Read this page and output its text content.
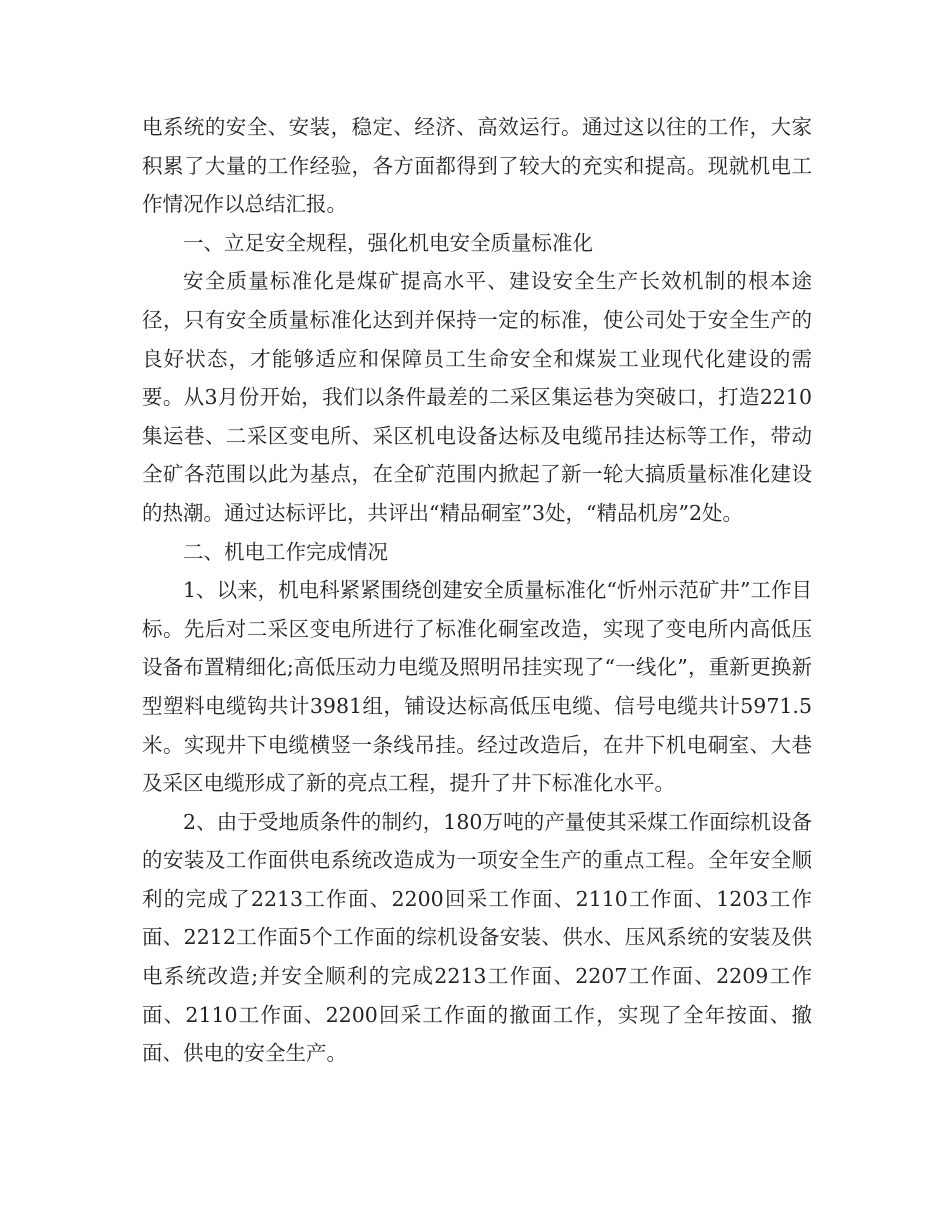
电系统的安全、安装，稳定、经济、高效运行。通过这以往的工作，大家积累了大量的工作经验，各方面都得到了较大的充实和提高。现就机电工作情况作以总结汇报。

一、立足安全规程，强化机电安全质量标准化

安全质量标准化是煤矿提高水平、建设安全生产长效机制的根本途径，只有安全质量标准化达到并保持一定的标准，使公司处于安全生产的良好状态，才能够适应和保障员工生命安全和煤炭工业现代化建设的需要。从3月份开始，我们以条件最差的二采区集运巷为突破口，打造2210集运巷、二采区变电所、采区机电设备达标及电缆吊挂达标等工作，带动全矿各范围以此为基点，在全矿范围内掀起了新一轮大搞质量标准化建设的热潮。通过达标评比，共评出“精品硐室”3处，“精品机房”2处。

二、机电工作完成情况

1、以来，机电科紧紧围绕创建安全质量标准化“忻州示范矿井”工作目标。先后对二采区变电所进行了标准化硐室改造，实现了变电所内高低压设备布置精细化;高低压动力电缆及照明吊挂实现了“一线化”，重新更换新型塑料电缆钩共计3981组，铺设达标高低压电缆、信号电缆共计5971.5米。实现井下电缆横竖一条线吊挂。经过改造后，在井下机电硐室、大巷及采区电缆形成了新的亮点工程，提升了井下标准化水平。

2、由于受地质条件的制约，180万吨的产量使其采煤工作面综机设备的安装及工作面供电系统改造成为一项安全生产的重点工程。全年安全顺利的完成了2213工作面、2200回采工作面、2110工作面、1203工作面、2212工作面5个工作面的综机设备安装、供水、压风系统的安装及供电系统改造;并安全顺利的完成2213工作面、2207工作面、2209工作面、2110工作面、2200回采工作面的撤面工作，实现了全年按面、撤面、供电的安全生产。
